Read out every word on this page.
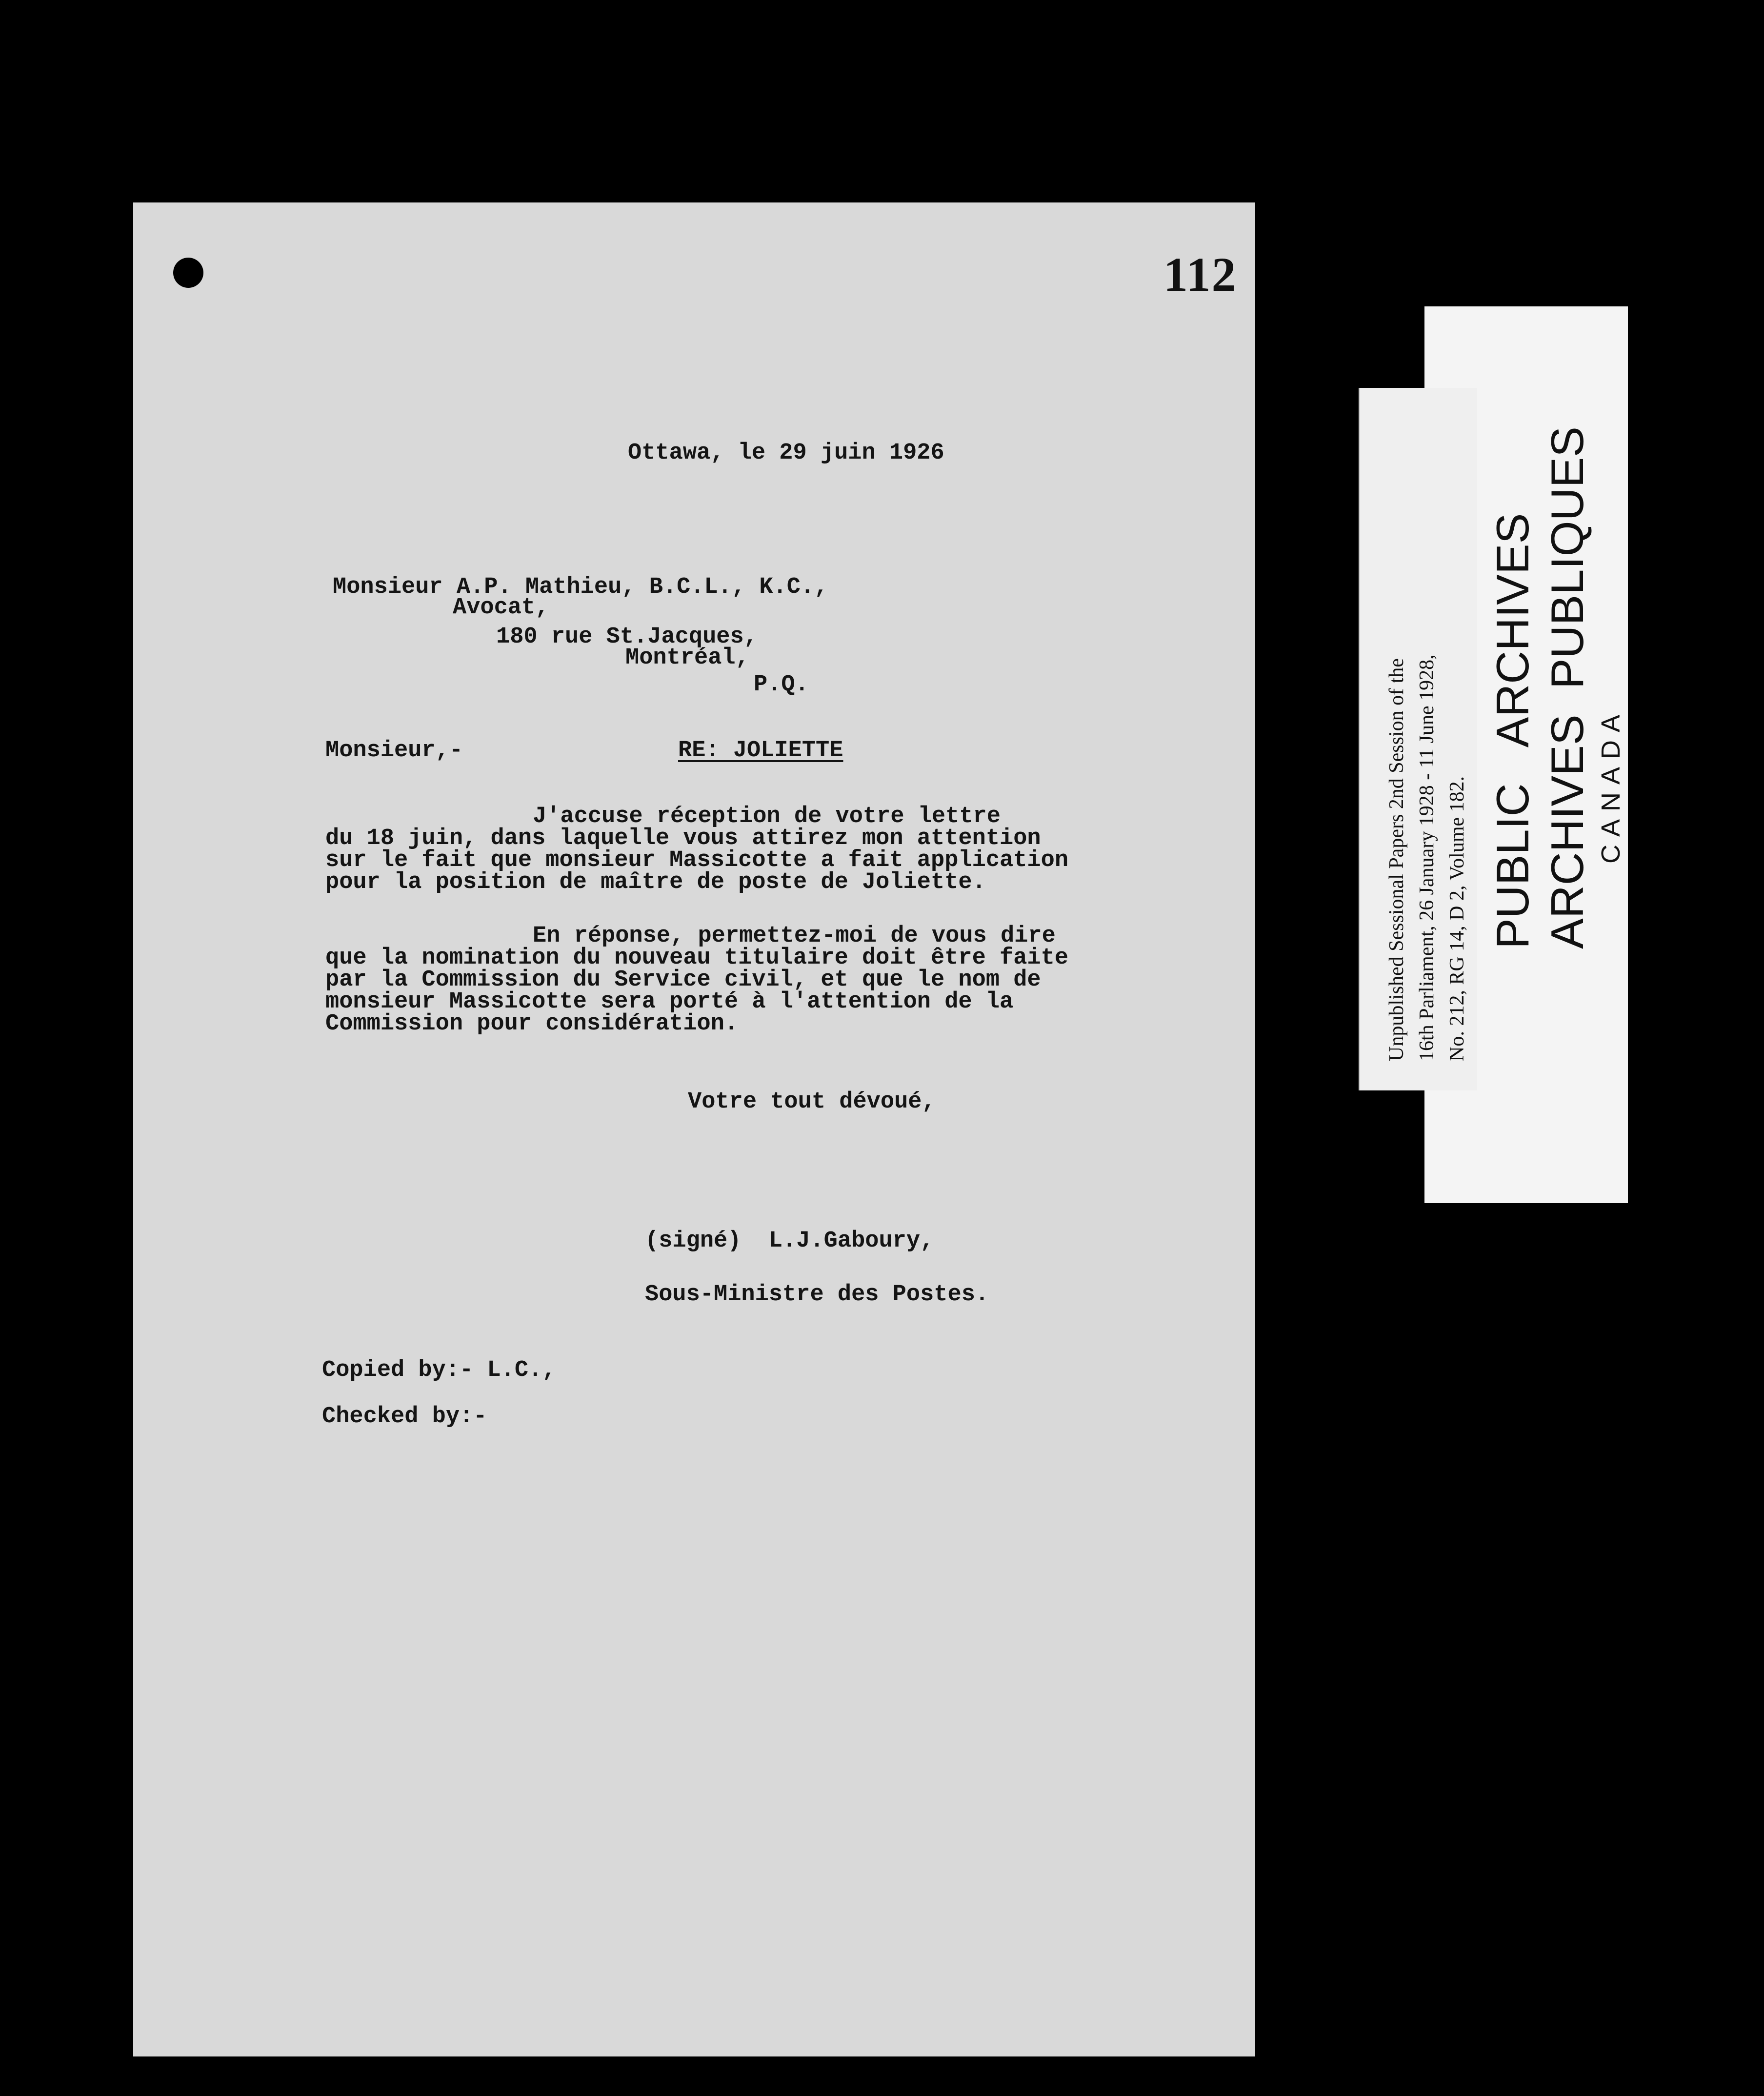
112
Ottawa, le 29 juin 1926
Monsieur A.P. Mathieu, B.C.L., K.C.,
Avocat,
180 rue St.Jacques,
Montréal,
P.Q.
Monsieur,-	RE: JOLIETTE
J'accuse réception de votre lettre
du 18 juin, dans laquelle vous attirez mon attention
sur le fait que monsieur Massicotte a fait application
pour la position de maître de poste de Joliette.
En réponse, permettez-moi de vous dire
que la nomination du nouveau titulaire doit être faite
par la Commission du Service civil, et que le nom de
monsieur Massicotte sera porté à l'attention de la
Commission pour considération.
Votre tout dévoué,
(signé)  L.J.Gaboury,
Sous-Ministre des Postes.
Copied by:- L.C.,
Checked by:-
Unpublished Sessional Papers 2nd Session of the 16th Parliament, 26 January 1928 - 11 June 1928, No. 212, RG 14, D 2, Volume 182. PUBLIC   ARCHIVES ARCHIVES  PUBLIQUES CANADA
